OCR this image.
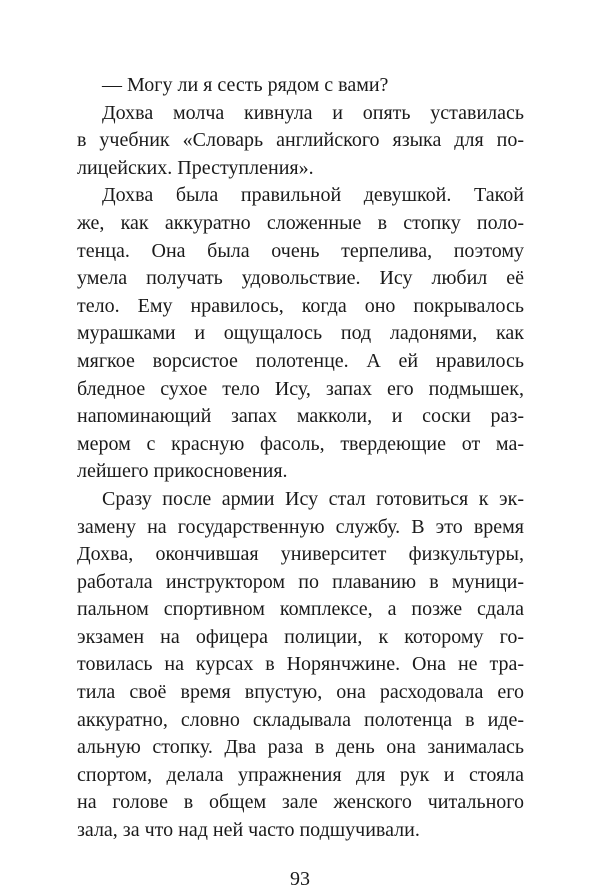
— Могу ли я сесть рядом с вами?
Дохва молча кивнула и опять уставилась
в учебник «Словарь английского языка для по-
лицейских. Преступления».
Дохва была правильной девушкой. Такой
же, как аккуратно сложенные в стопку поло-
тенца. Она была очень терпелива, поэтому
умела получать удовольствие. Ису любил её
тело. Ему нравилось, когда оно покрывалось
мурашками и ощущалось под ладонями, как
мягкое ворсистое полотенце. А ей нравилось
бледное сухое тело Ису, запах его подмышек,
напоминающий запах макколи, и соски раз-
мером с красную фасоль, твердеющие от ма-
лейшего прикосновения.
Сразу после армии Ису стал готовиться к эк-
замену на государственную службу. В это время
Дохва, окончившая университет физкультуры,
работала инструктором по плаванию в муници-
пальном спортивном комплексе, а позже сдала
экзамен на офицера полиции, к которому го-
товилась на курсах в Норянчжине. Она не тра-
тила своё время впустую, она расходовала его
аккуратно, словно складывала полотенца в иде-
альную стопку. Два раза в день она занималась
спортом, делала упражнения для рук и стояла
на голове в общем зале женского читального
зала, за что над ней часто подшучивали.
93
